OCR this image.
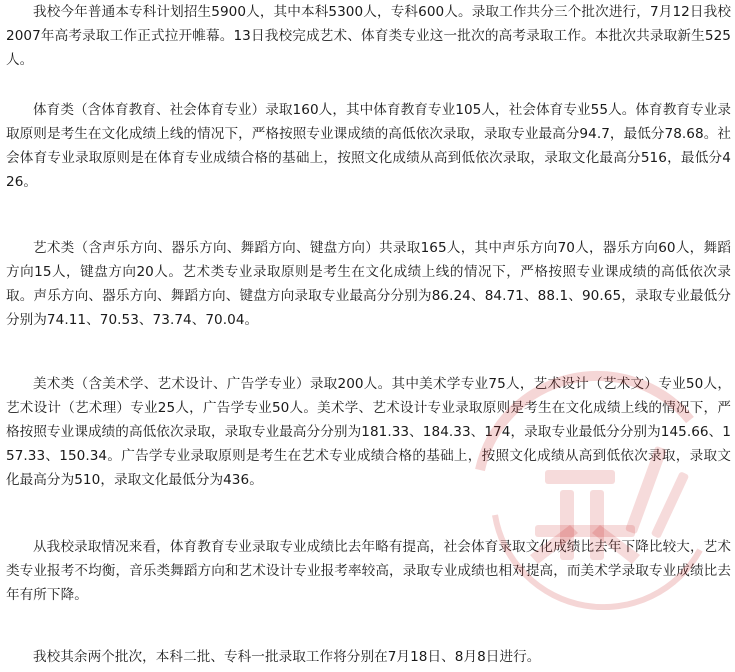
我校今年普通本专科计划招生5900人，其中本科5300人，专科600人。录取工作共分三个批次进行，7月12日我校2007年高考录取工作正式拉开帷幕。13日我校完成艺术、体育类专业这一批次的高考录取工作。本批次共录取新生525人。

体育类（含体育教育、社会体育专业）录取160人，其中体育教育专业105人，社会体育专业55人。体育教育专业录取原则是考生在文化成绩上线的情况下，严格按照专业课成绩的高低依次录取，录取专业最高分94.7，最低分78.68。社会体育专业录取原则是在体育专业成绩合格的基础上，按照文化成绩从高到低依次录取，录取文化最高分516，最低分426。

艺术类（含声乐方向、器乐方向、舞蹈方向、键盘方向）共录取165人，其中声乐方向70人，器乐方向60人，舞蹈方向15人，键盘方向20人。艺术类专业录取原则是考生在文化成绩上线的情况下，严格按照专业课成绩的高低依次录取。声乐方向、器乐方向、舞蹈方向、键盘方向录取专业最高分分别为86.24、84.71、88.1、90.65，录取专业最低分分别为74.11、70.53、73.74、70.04。

美术类（含美术学、艺术设计、广告学专业）录取200人。其中美术学专业75人，艺术设计（艺术文）专业50人，艺术设计（艺术理）专业25人，广告学专业50人。美术学、艺术设计专业录取原则是考生在文化成绩上线的情况下，严格按照专业课成绩的高低依次录取，录取专业最高分分别为181.33、184.33、174，录取专业最低分分别为145.66、157.33、150.34。广告学专业录取原则是考生在艺术专业成绩合格的基础上，按照文化成绩从高到低依次录取，录取文化最高分为510，录取文化最低分为436。

从我校录取情况来看，体育教育专业录取专业成绩比去年略有提高，社会体育录取文化成绩比去年下降比较大，艺术类专业报考不均衡，音乐类舞蹈方向和艺术设计专业报考率较高，录取专业成绩也相对提高，而美术学录取专业成绩比去年有所下降。

我校其余两个批次，本科二批、专科一批录取工作将分别在7月18日、8月8日进行。
